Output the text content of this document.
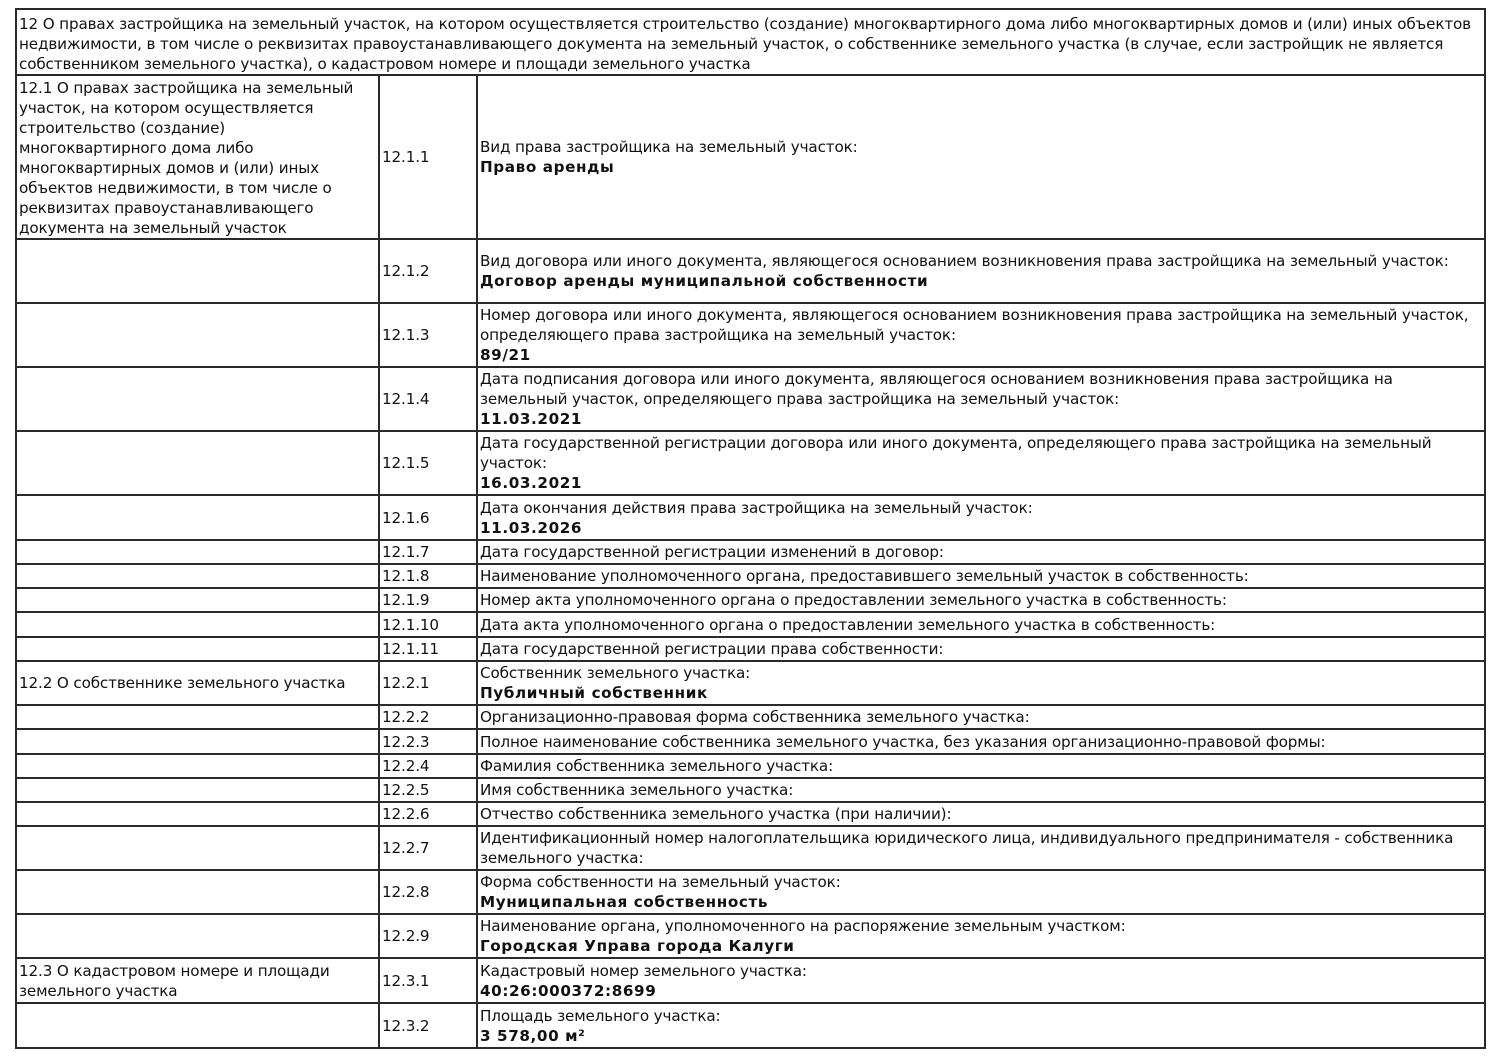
12 О правах застройщика на земельный участок, на котором осуществляется строительство (создание) многоквартирного дома либо многоквартирных домов и (или) иных объектов недвижимости, в том числе о реквизитах правоустанавливающего документа на земельный участок, о собственнике земельного участка (в случае, если застройщик не является собственником земельного участка), о кадастровом номере и площади земельного участка		
12.1 О правах застройщика на земельный участок, на котором осуществляется строительство (создание) многоквартирного дома либо многоквартирных домов и (или) иных объектов недвижимости, в том числе о реквизитах правоустанавливающего документа на земельный участок	12.1.1	Вид права застройщика на земельный участок:
Право аренды

	12.1.2	Вид договора или иного документа, являющегося основанием возникновения права застройщика на земельный участок:
Договор аренды муниципальной собственности

	12.1.3	Номер договора или иного документа, являющегося основанием возникновения права застройщика на земельный участок, определяющего права застройщика на земельный участок:
89/21

	12.1.4	Дата подписания договора или иного документа, являющегося основанием возникновения права застройщика на земельный участок, определяющего права застройщика на земельный участок:
11.03.2021

	12.1.5	Дата государственной регистрации договора или иного документа, определяющего права застройщика на земельный участок:
16.03.2021

	12.1.6	Дата окончания действия права застройщика на земельный участок:
11.03.2026

	12.1.7	Дата государственной регистрации изменений в договор:
	12.1.8	Наименование уполномоченного органа, предоставившего земельный участок в собственность:
	12.1.9	Номер акта уполномоченного органа о предоставлении земельного участка в собственность:
	12.1.10	Дата акта уполномоченного органа о предоставлении земельного участка в собственность:
	12.1.11	Дата государственной регистрации права собственности:
12.2 О собственнике земельного участка	12.2.1	Собственник земельного участка:
Публичный собственник

	12.2.2	Организационно-правовая форма собственника земельного участка:
	12.2.3	Полное наименование собственника земельного участка, без указания организационно-правовой формы:
	12.2.4	Фамилия собственника земельного участка:
	12.2.5	Имя собственника земельного участка:
	12.2.6	Отчество собственника земельного участка (при наличии):
	12.2.7	Идентификационный номер налогоплательщика юридического лица, индивидуального предпринимателя - собственника земельного участка:
	12.2.8	Форма собственности на земельный участок:
Муниципальная собственность

	12.2.9	Наименование органа, уполномоченного на распоряжение земельным участком:
Городская Управа города Калуги

12.3 О кадастровом номере и площади земельного участка	12.3.1	Кадастровый номер земельного участка:
40:26:000372:8699

	12.3.2	Площадь земельного участка:
3 578,00 м²
